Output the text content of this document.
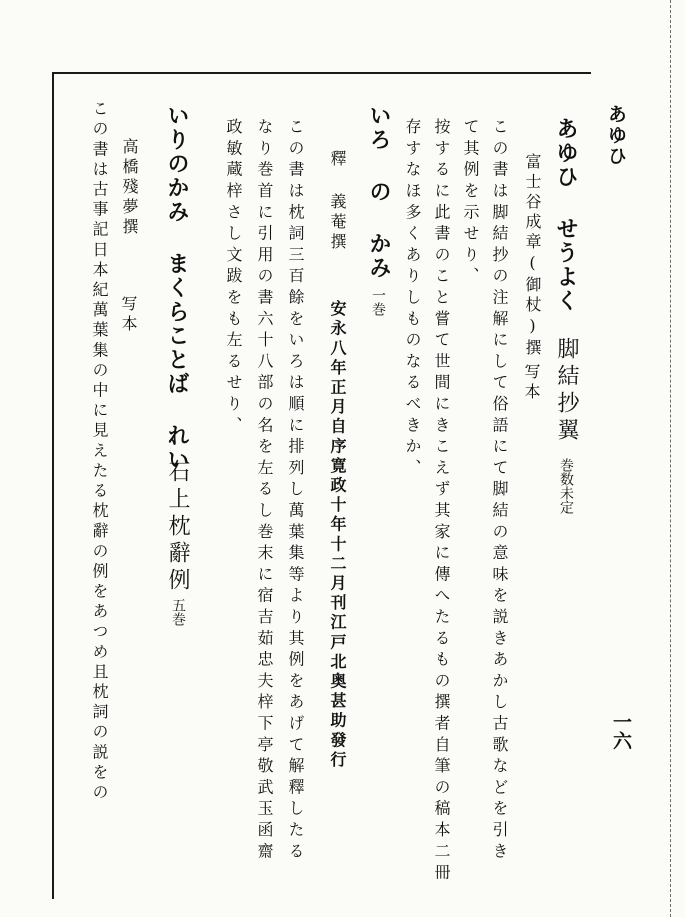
あゆひ
一六
あゆひ せうよく
富士谷成章(御杖)撰
写本 脚結抄翼
巻数未定
この書は脚結抄の注解にして俗語にて脚結の意味を説きあかし古歌などを引き
て其例を示せり、
按するに此書のこと嘗て世間にきこえず其家に傳へたるもの撰者自筆の稿本二冊
存すなほ多くありしものなるべきか、
いろ の かみ
一巻
釋 義菴撰
安永八年正月自序寛政十年十二月刊江戸北奥甚助發行
この書は枕詞三百餘をいろは順に排列し萬葉集等より其例をあげて解釋したる
なり巻首に引用の書六十八部の名を左るし巻末に宿吉茹忠夫梓下亭敬武玉函齋
政敏蔵梓さし文跋をも左るせり、
いりのかみ まくらことば れい
石上枕辭例
五巻
高橋殘夢撰
写本
この書は古事記日本紀萬葉集の中に見えたる枕辭の例をあつめ且枕詞の説をの
